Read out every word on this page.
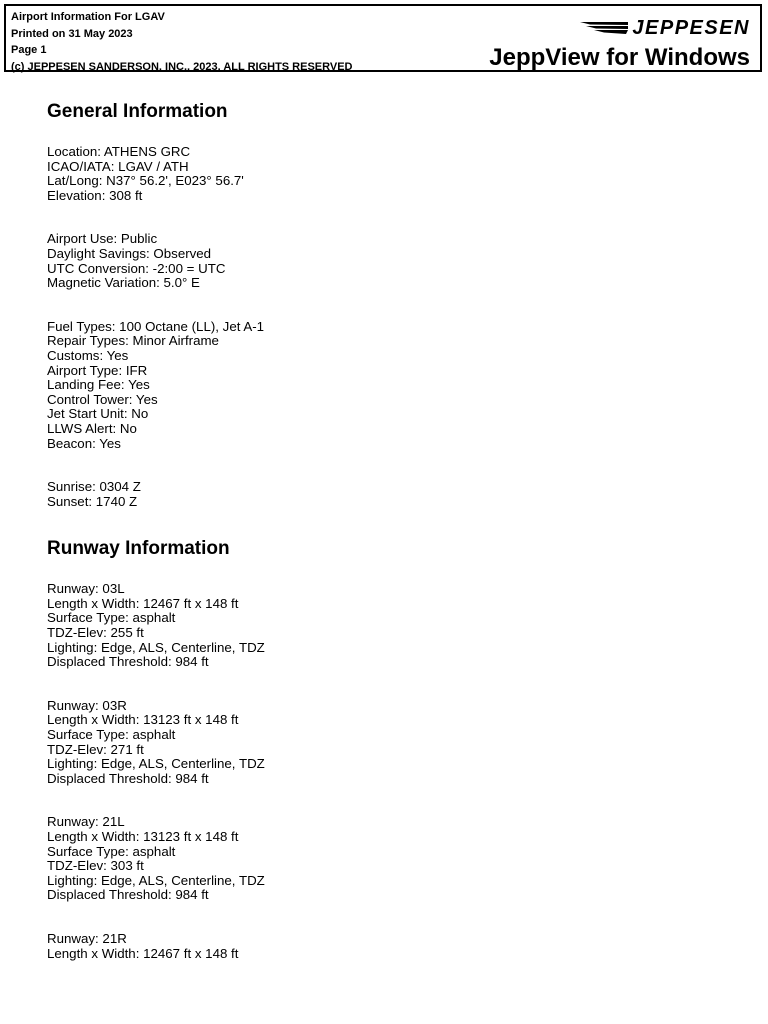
Airport Information For LGAV
Printed on 31 May 2023
Page 1
(c) JEPPESEN SANDERSON, INC., 2023, ALL RIGHTS RESERVED
JEPPESEN
JeppView for Windows
General Information
Location: ATHENS GRC
ICAO/IATA: LGAV / ATH
Lat/Long: N37° 56.2', E023° 56.7'
Elevation: 308 ft
Airport Use: Public
Daylight Savings: Observed
UTC Conversion: -2:00 = UTC
Magnetic Variation: 5.0° E
Fuel Types: 100 Octane (LL), Jet A-1
Repair Types: Minor Airframe
Customs: Yes
Airport Type: IFR
Landing Fee: Yes
Control Tower: Yes
Jet Start Unit: No
LLWS Alert: No
Beacon: Yes
Sunrise: 0304 Z
Sunset: 1740 Z
Runway Information
Runway: 03L
Length x Width: 12467 ft x 148 ft
Surface Type: asphalt
TDZ-Elev: 255 ft
Lighting: Edge, ALS, Centerline, TDZ
Displaced Threshold: 984 ft
Runway: 03R
Length x Width: 13123 ft x 148 ft
Surface Type: asphalt
TDZ-Elev: 271 ft
Lighting: Edge, ALS, Centerline, TDZ
Displaced Threshold: 984 ft
Runway: 21L
Length x Width: 13123 ft x 148 ft
Surface Type: asphalt
TDZ-Elev: 303 ft
Lighting: Edge, ALS, Centerline, TDZ
Displaced Threshold: 984 ft
Runway: 21R
Length x Width: 12467 ft x 148 ft
